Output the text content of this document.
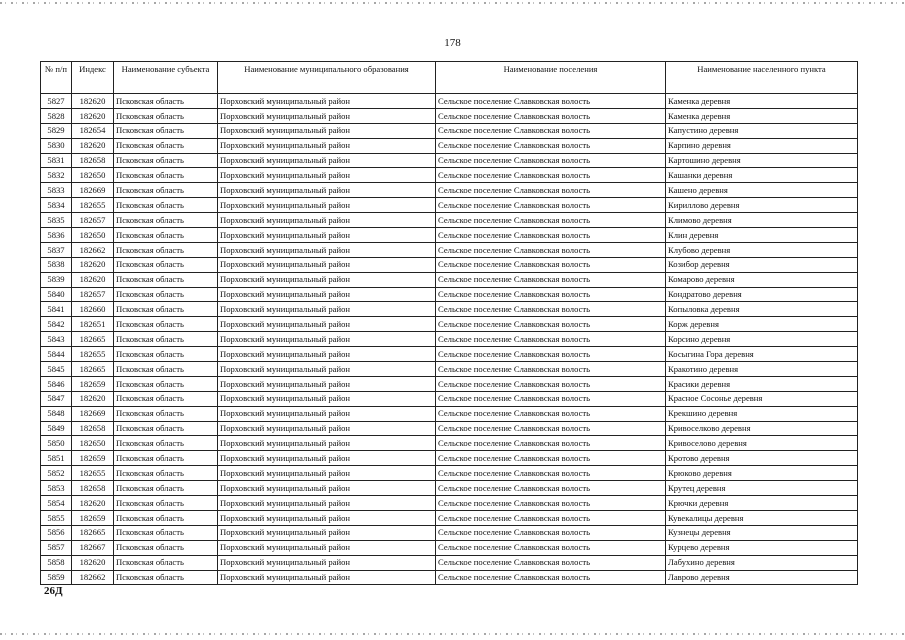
178
№ п/п	Индекс	Наименование субъекта	Наименование муниципального образования	Наименование поселения	Наименование населенного пункта
5827	182620	Псковская область	Порховский муниципальный район	Сельское поселение Славковская волость	Каменка деревня
5828	182620	Псковская область	Порховский муниципальный район	Сельское поселение Славковская волость	Каменка деревня
5829	182654	Псковская область	Порховский муниципальный район	Сельское поселение Славковская волость	Капустино деревня
5830	182620	Псковская область	Порховский муниципальный район	Сельское поселение Славковская волость	Карпино деревня
5831	182658	Псковская область	Порховский муниципальный район	Сельское поселение Славковская волость	Картошино деревня
5832	182650	Псковская область	Порховский муниципальный район	Сельское поселение Славковская волость	Кашанки деревня
5833	182669	Псковская область	Порховский муниципальный район	Сельское поселение Славковская волость	Кашено деревня
5834	182655	Псковская область	Порховский муниципальный район	Сельское поселение Славковская волость	Кириллово деревня
5835	182657	Псковская область	Порховский муниципальный район	Сельское поселение Славковская волость	Климово деревня
5836	182650	Псковская область	Порховский муниципальный район	Сельское поселение Славковская волость	Клин деревня
5837	182662	Псковская область	Порховский муниципальный район	Сельское поселение Славковская волость	Клубово деревня
5838	182620	Псковская область	Порховский муниципальный район	Сельское поселение Славковская волость	Козибор деревня
5839	182620	Псковская область	Порховский муниципальный район	Сельское поселение Славковская волость	Комарово деревня
5840	182657	Псковская область	Порховский муниципальный район	Сельское поселение Славковская волость	Кондратово деревня
5841	182660	Псковская область	Порховский муниципальный район	Сельское поселение Славковская волость	Копыловка деревня
5842	182651	Псковская область	Порховский муниципальный район	Сельское поселение Славковская волость	Корж деревня
5843	182665	Псковская область	Порховский муниципальный район	Сельское поселение Славковская волость	Корсино деревня
5844	182655	Псковская область	Порховский муниципальный район	Сельское поселение Славковская волость	Косыгина Гора деревня
5845	182665	Псковская область	Порховский муниципальный район	Сельское поселение Славковская волость	Кракотино деревня
5846	182659	Псковская область	Порховский муниципальный район	Сельское поселение Славковская волость	Красики деревня
5847	182620	Псковская область	Порховский муниципальный район	Сельское поселение Славковская волость	Красное Сосонье деревня
5848	182669	Псковская область	Порховский муниципальный район	Сельское поселение Славковская волость	Крекшино деревня
5849	182658	Псковская область	Порховский муниципальный район	Сельское поселение Славковская волость	Кривоселково деревня
5850	182650	Псковская область	Порховский муниципальный район	Сельское поселение Славковская волость	Кривоселово деревня
5851	182659	Псковская область	Порховский муниципальный район	Сельское поселение Славковская волость	Кротово деревня
5852	182655	Псковская область	Порховский муниципальный район	Сельское поселение Славковская волость	Крюково деревня
5853	182658	Псковская область	Порховский муниципальный район	Сельское поселение Славковская волость	Крутец деревня
5854	182620	Псковская область	Порховский муниципальный район	Сельское поселение Славковская волость	Крючки деревня
5855	182659	Псковская область	Порховский муниципальный район	Сельское поселение Славковская волость	Кувекалицы деревня
5856	182665	Псковская область	Порховский муниципальный район	Сельское поселение Славковская волость	Кузнецы деревня
5857	182667	Псковская область	Порховский муниципальный район	Сельское поселение Славковская волость	Курцево деревня
5858	182620	Псковская область	Порховский муниципальный район	Сельское поселение Славковская волость	Лабухино деревня
5859	182662	Псковская область	Порховский муниципальный район	Сельское поселение Славковская волость	Лаврово деревня
26Д
